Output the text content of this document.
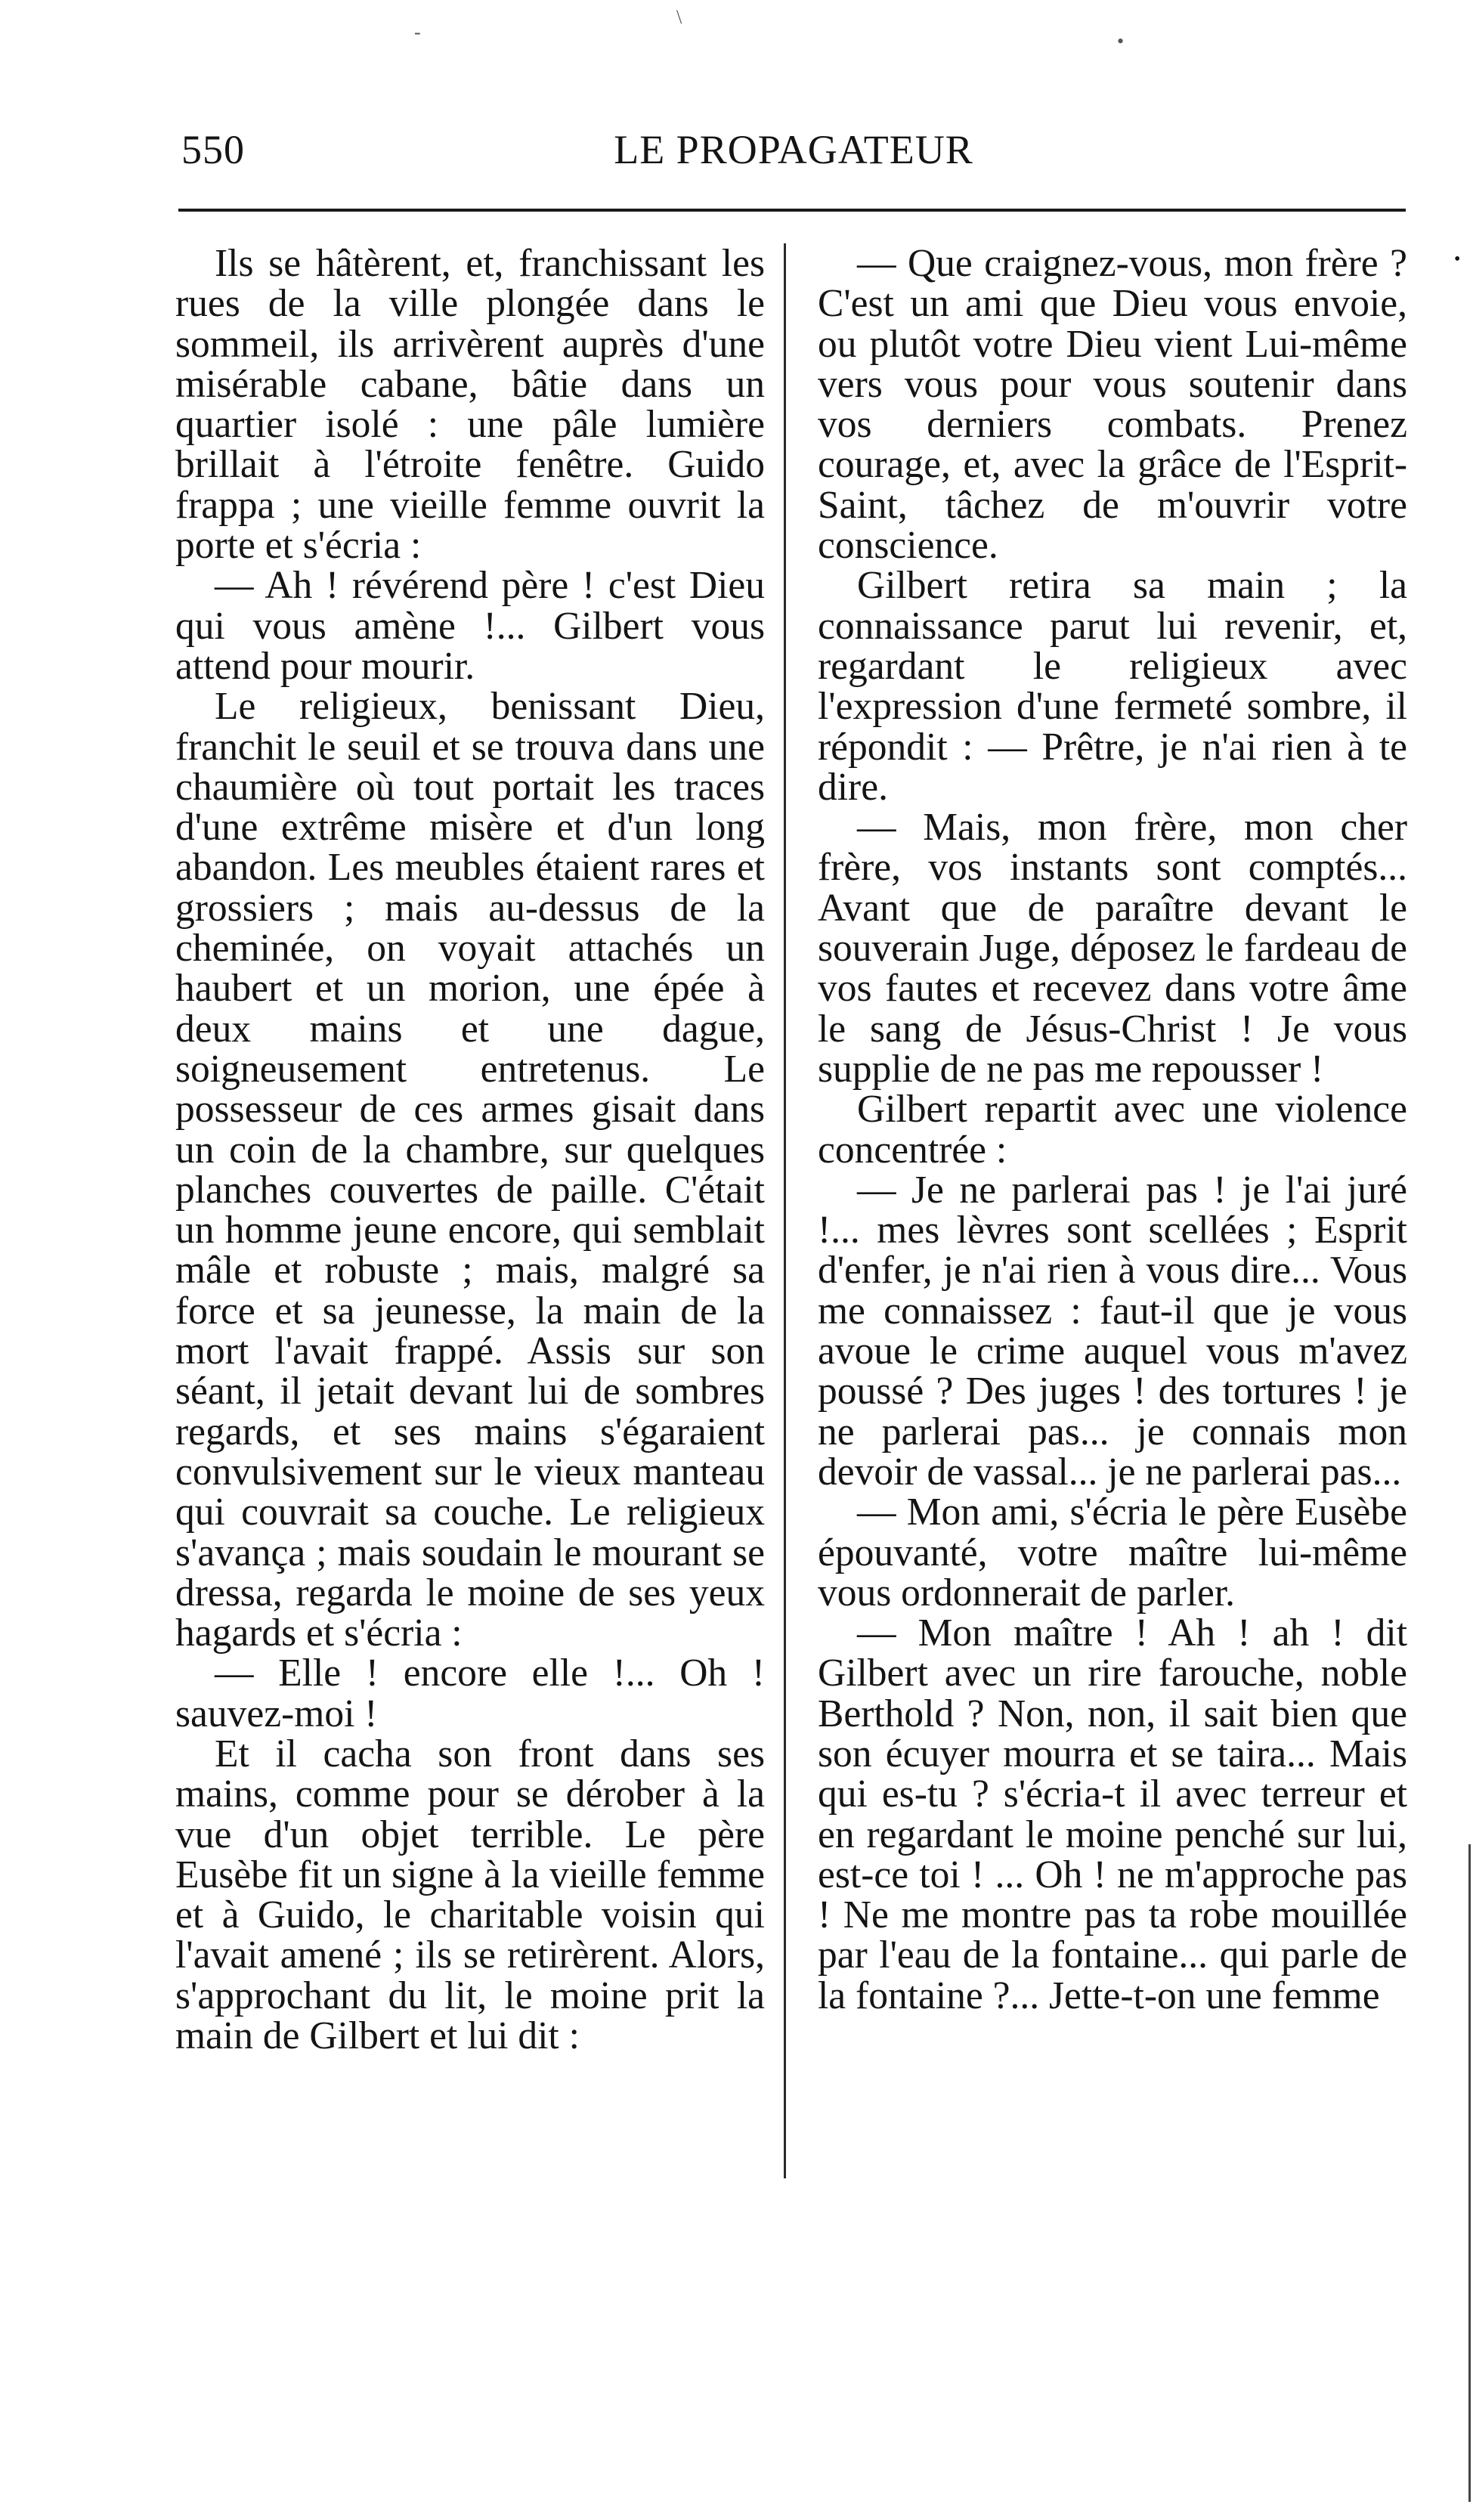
-
\
•
550	LE PROPAGATEUR

Ils se hâtèrent, et, franchissant les rues de la ville plongée dans le sommeil, ils arrivèrent auprès d'une misérable cabane, bâtie dans un quartier isolé : une pâle lumière brillait à l'étroite fenêtre. Guido frappa ; une vieille femme ouvrit la porte et s'écria :

— Ah ! révérend père ! c'est Dieu qui vous amène !... Gilbert vous attend pour mourir.

Le religieux, benissant Dieu, franchit le seuil et se trouva dans une chaumière où tout portait les traces d'une extrême misère et d'un long abandon. Les meubles étaient rares et grossiers ; mais au-dessus de la cheminée, on voyait attachés un haubert et un morion, une épée à deux mains et une dague, soigneusement entretenus. Le possesseur de ces armes gisait dans un coin de la chambre, sur quelques planches couvertes de paille. C'était un homme jeune encore, qui semblait mâle et robuste ; mais, malgré sa force et sa jeunesse, la main de la mort l'avait frappé. Assis sur son séant, il jetait devant lui de sombres regards, et ses mains s'égaraient convulsivement sur le vieux manteau qui couvrait sa couche. Le religieux s'avança ; mais soudain le mourant se dressa, regarda le moine de ses yeux hagards et s'écria :

— Elle ! encore elle !... Oh ! sauvez-moi !

Et il cacha son front dans ses mains, comme pour se dérober à la vue d'un objet terrible. Le père Eusèbe fit un signe à la vieille femme et à Guido, le charitable voisin qui l'avait amené ; ils se retirèrent. Alors, s'approchant du lit, le moine prit la main de Gilbert et lui dit :

— Que craignez-vous, mon frère ? C'est un ami que Dieu vous envoie, ou plutôt votre Dieu vient Lui-même vers vous pour vous soutenir dans vos derniers combats. Prenez courage, et, avec la grâce de l'Esprit-Saint, tâchez de m'ouvrir votre conscience.

Gilbert retira sa main ; la connaissance parut lui revenir, et, regardant le religieux avec l'expression d'une fermeté sombre, il répondit : — Prêtre, je n'ai rien à te dire.

— Mais, mon frère, mon cher frère, vos instants sont comptés... Avant que de paraître devant le souverain Juge, déposez le fardeau de vos fautes et recevez dans votre âme le sang de Jésus-Christ ! Je vous supplie de ne pas me repousser !

Gilbert repartit avec une violence concentrée :

— Je ne parlerai pas ! je l'ai juré !... mes lèvres sont scellées ; Esprit d'enfer, je n'ai rien à vous dire... Vous me connaissez : faut-il que je vous avoue le crime auquel vous m'avez poussé ? Des juges ! des tortures ! je ne parlerai pas... je connais mon devoir de vassal... je ne parlerai pas...

— Mon ami, s'écria le père Eusèbe épouvanté, votre maître lui-même vous ordonnerait de parler.

— Mon maître ! Ah ! ah ! dit Gilbert avec un rire farouche, noble Berthold ? Non, non, il sait bien que son écuyer mourra et se taira... Mais qui es-tu ? s'écria-t il avec terreur et en regardant le moine penché sur lui, est-ce toi ! ... Oh ! ne m'approche pas ! Ne me montre pas ta robe mouillée par l'eau de la fontaine... qui parle de la fontaine ?... Jette-t-on une femme

•
